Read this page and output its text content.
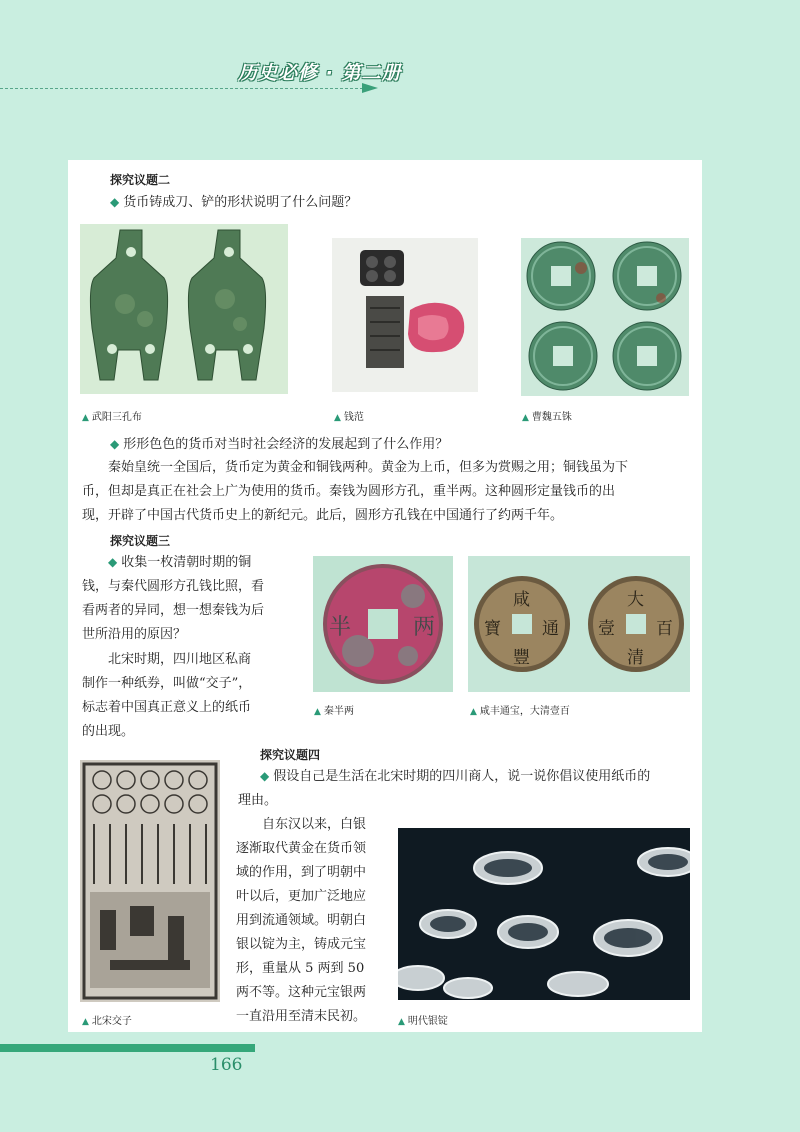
历史必修 · 第二册
探究议题二
◆ 货币铸成刀、铲的形状说明了什么问题？
▲ 武阳三孔布	▲ 钱范	▲ 曹魏五铢
◆ 形形色色的货币对当时社会经济的发展起到了什么作用？
秦始皇统一全国后，货币定为黄金和铜钱两种。黄金为上币，但多为赏赐之用；铜钱虽为下
币，但却是真正在社会上广为使用的货币。秦钱为圆形方孔，重半两。这种圆形定量钱币的出
现，开辟了中国古代货币史上的新纪元。此后，圆形方孔钱在中国通行了约两千年。
探究议题三
◆ 收集一枚清朝时期的铜
钱，与秦代圆形方孔钱比照，看
看两者的异同，想一想秦钱为后
世所沿用的原因？
北宋时期，四川地区私商
制作一种纸券，叫做“交子”，
标志着中国真正意义上的纸币
的出现。
半	两
咸
豐
通
寶
大
清
壹 百
▲ 秦半两	▲ 咸丰通宝，大清壹百
探究议题四
◆ 假设自己是生活在北宋时期的四川商人，说一说你倡议使用纸币的
理由。
自东汉以来，白银
逐渐取代黄金在货币领
域的作用，到了明朝中
叶以后，更加广泛地应
用到流通领域。明朝白
银以锭为主，铸成元宝
形，重量从 5 两到 50
两不等。这种元宝银两
一直沿用至清末民初。
▲ 北宋交子	▲ 明代银锭
166
